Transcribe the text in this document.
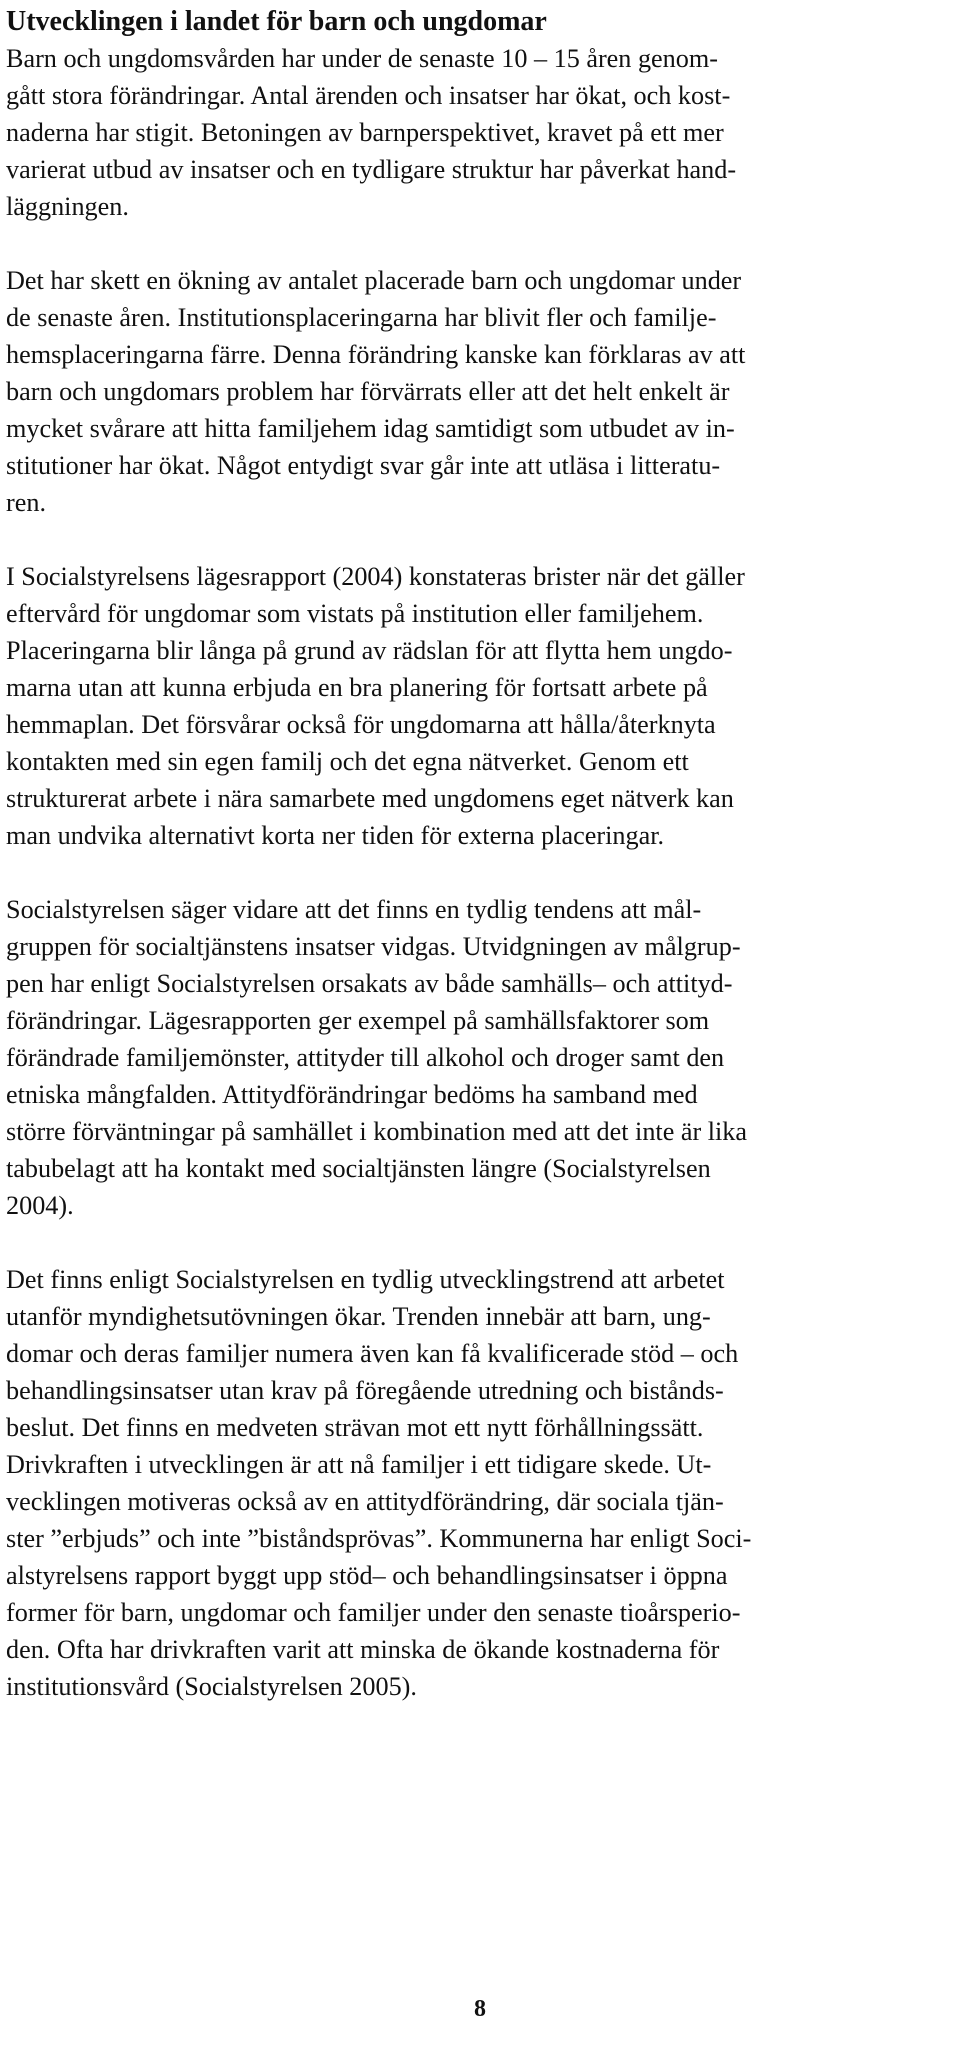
Utvecklingen i landet för barn och ungdomar

Barn och ungdomsvården har under de senaste 10 – 15 åren genom-
gått stora förändringar. Antal ärenden och insatser har ökat, och kost-
naderna har stigit. Betoningen av barnperspektivet, kravet på ett mer
varierat utbud av insatser och en tydligare struktur har påverkat hand-
läggningen.

Det har skett en ökning av antalet placerade barn och ungdomar under
de senaste åren. Institutionsplaceringarna har blivit fler och familje-
hemsplaceringarna färre. Denna förändring kanske kan förklaras av att
barn och ungdomars problem har förvärrats eller att det helt enkelt är
mycket svårare att hitta familjehem idag samtidigt som utbudet av in-
stitutioner har ökat. Något entydigt svar går inte att utläsa i litteratu-
ren.

I Socialstyrelsens lägesrapport (2004) konstateras brister när det gäller
eftervård för ungdomar som vistats på institution eller familjehem.
Placeringarna blir långa på grund av rädslan för att flytta hem ungdo-
marna utan att kunna erbjuda en bra planering för fortsatt arbete på
hemmaplan. Det försvårar också för ungdomarna att hålla/återknyta
kontakten med sin egen familj och det egna nätverket. Genom ett
strukturerat arbete i nära samarbete med ungdomens eget nätverk kan
man undvika alternativt korta ner tiden för externa placeringar.

Socialstyrelsen säger vidare att det finns en tydlig tendens att mål-
gruppen för socialtjänstens insatser vidgas. Utvidgningen av målgrup-
pen har enligt Socialstyrelsen orsakats av både samhälls– och attityd-
förändringar. Lägesrapporten ger exempel på samhällsfaktorer som
förändrade familjemönster, attityder till alkohol och droger samt den
etniska mångfalden. Attitydförändringar bedöms ha samband med
större förväntningar på samhället i kombination med att det inte är lika
tabubelagt att ha kontakt med socialtjänsten längre (Socialstyrelsen
2004).

Det finns enligt Socialstyrelsen en tydlig utvecklingstrend att arbetet
utanför myndighetsutövningen ökar. Trenden innebär att barn, ung-
domar och deras familjer numera även kan få kvalificerade stöd – och
behandlingsinsatser utan krav på föregående utredning och bistånds-
beslut. Det finns en medveten strävan mot ett nytt förhållningssätt.
Drivkraften i utvecklingen är att nå familjer i ett tidigare skede. Ut-
vecklingen motiveras också av en attitydförändring, där sociala tjän-
ster ”erbjuds” och inte ”biståndsprövas”. Kommunerna har enligt Soci-
alstyrelsens rapport byggt upp stöd– och behandlingsinsatser i öppna
former för barn, ungdomar och familjer under den senaste tioårsperio-
den. Ofta har drivkraften varit att minska de ökande kostnaderna för
institutionsvård (Socialstyrelsen 2005).

8
